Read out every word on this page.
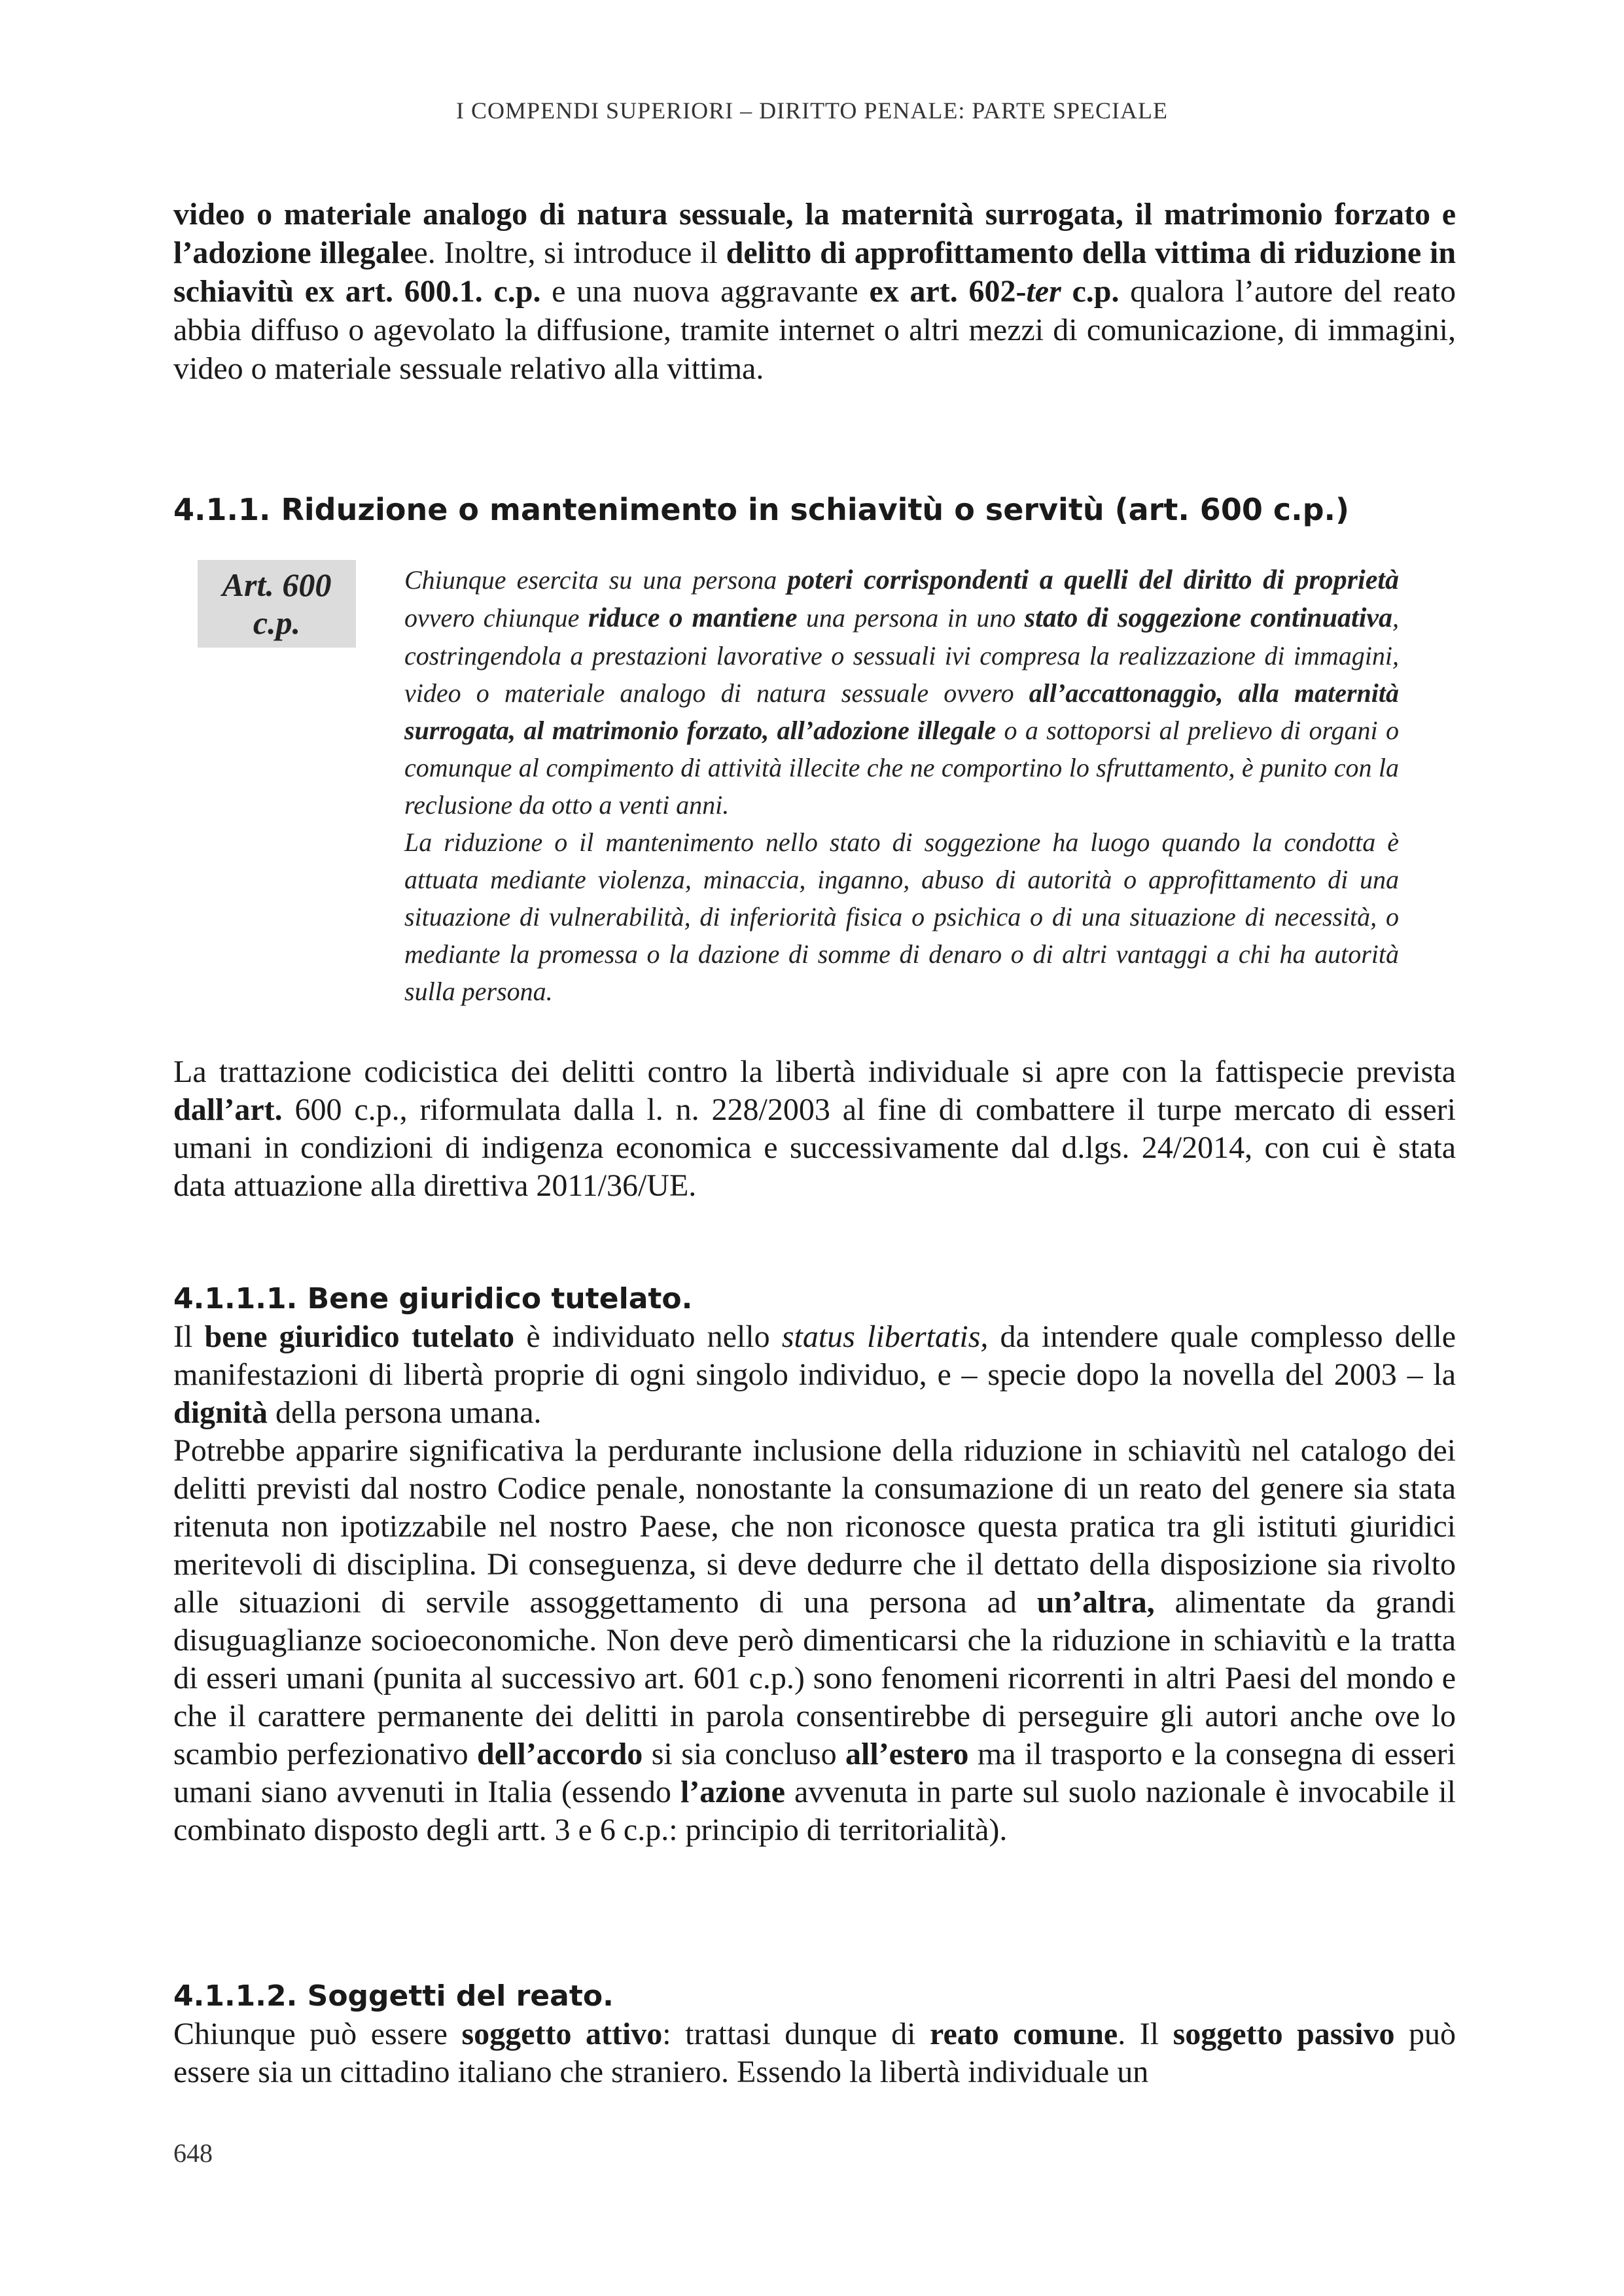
I COMPENDI SUPERIORI – DIRITTO PENALE: PARTE SPECIALE

video o materiale analogo di natura sessuale, la maternità surrogata, il matrimonio forzato e l’adozione illegalee. Inoltre, si introduce il delitto di approfittamento della vittima di riduzione in schiavitù ex art. 600.1. c.p. e una nuova aggravante ex art. 602-ter c.p. qualora l’autore del reato abbia diffuso o agevolato la diffusione, tramite internet o altri mezzi di comunicazione, di immagini, video o materiale sessuale relativo alla vittima.

4.1.1. Riduzione o mantenimento in schiavitù o servitù (art. 600 c.p.)

Art. 600
c.p.

Chiunque esercita su una persona poteri corrispondenti a quelli del diritto di proprietà ovvero chiunque riduce o mantiene una persona in uno stato di soggezione continuativa, costringendola a prestazioni lavorative o sessuali ivi compresa la realizzazione di immagini, video o materiale analogo di natura sessuale ovvero all’accattonaggio, alla maternità surrogata, al matrimonio forzato, all’adozione illegale o a sottoporsi al prelievo di organi o comunque al compimento di attività illecite che ne comportino lo sfruttamento, è punito con la reclusione da otto a venti anni.

La riduzione o il mantenimento nello stato di soggezione ha luogo quando la condotta è attuata mediante violenza, minaccia, inganno, abuso di autorità o approfittamento di una situazione di vulnerabilità, di inferiorità fisica o psichica o di una situazione di necessità, o mediante la promessa o la dazione di somme di denaro o di altri vantaggi a chi ha autorità sulla persona.

La trattazione codicistica dei delitti contro la libertà individuale si apre con la fattispecie prevista dall’art. 600 c.p., riformulata dalla l. n. 228/2003 al fine di combattere il turpe mercato di esseri umani in condizioni di indigenza economica e successivamente dal d.lgs. 24/2014, con cui è stata data attuazione alla direttiva 2011/36/UE.

4.1.1.1. Bene giuridico tutelato.

Il bene giuridico tutelato è individuato nello status libertatis, da intendere quale complesso delle manifestazioni di libertà proprie di ogni singolo individuo, e – specie dopo la novella del 2003 – la dignità della persona umana.

Potrebbe apparire significativa la perdurante inclusione della riduzione in schiavitù nel catalogo dei delitti previsti dal nostro Codice penale, nonostante la consumazione di un reato del genere sia stata ritenuta non ipotizzabile nel nostro Paese, che non riconosce questa pratica tra gli istituti giuridici meritevoli di disciplina. Di conseguenza, si deve dedurre che il dettato della disposizione sia rivolto alle situazioni di servile assoggettamento di una persona ad un’altra, alimentate da grandi disuguaglianze socioeconomiche. Non deve però dimenticarsi che la riduzione in schiavitù e la tratta di esseri umani (punita al successivo art. 601 c.p.) sono fenomeni ricorrenti in altri Paesi del mondo e che il carattere permanente dei delitti in parola consentirebbe di perseguire gli autori anche ove lo scambio perfezionativo dell’accordo si sia concluso all’estero ma il trasporto e la consegna di esseri umani siano avvenuti in Italia (essendo l’azione avvenuta in parte sul suolo nazionale è invocabile il combinato disposto degli artt. 3 e 6 c.p.: principio di territorialità).

4.1.1.2. Soggetti del reato.

Chiunque può essere soggetto attivo: trattasi dunque di reato comune. Il soggetto passivo può essere sia un cittadino italiano che straniero. Essendo la libertà individuale un

648
